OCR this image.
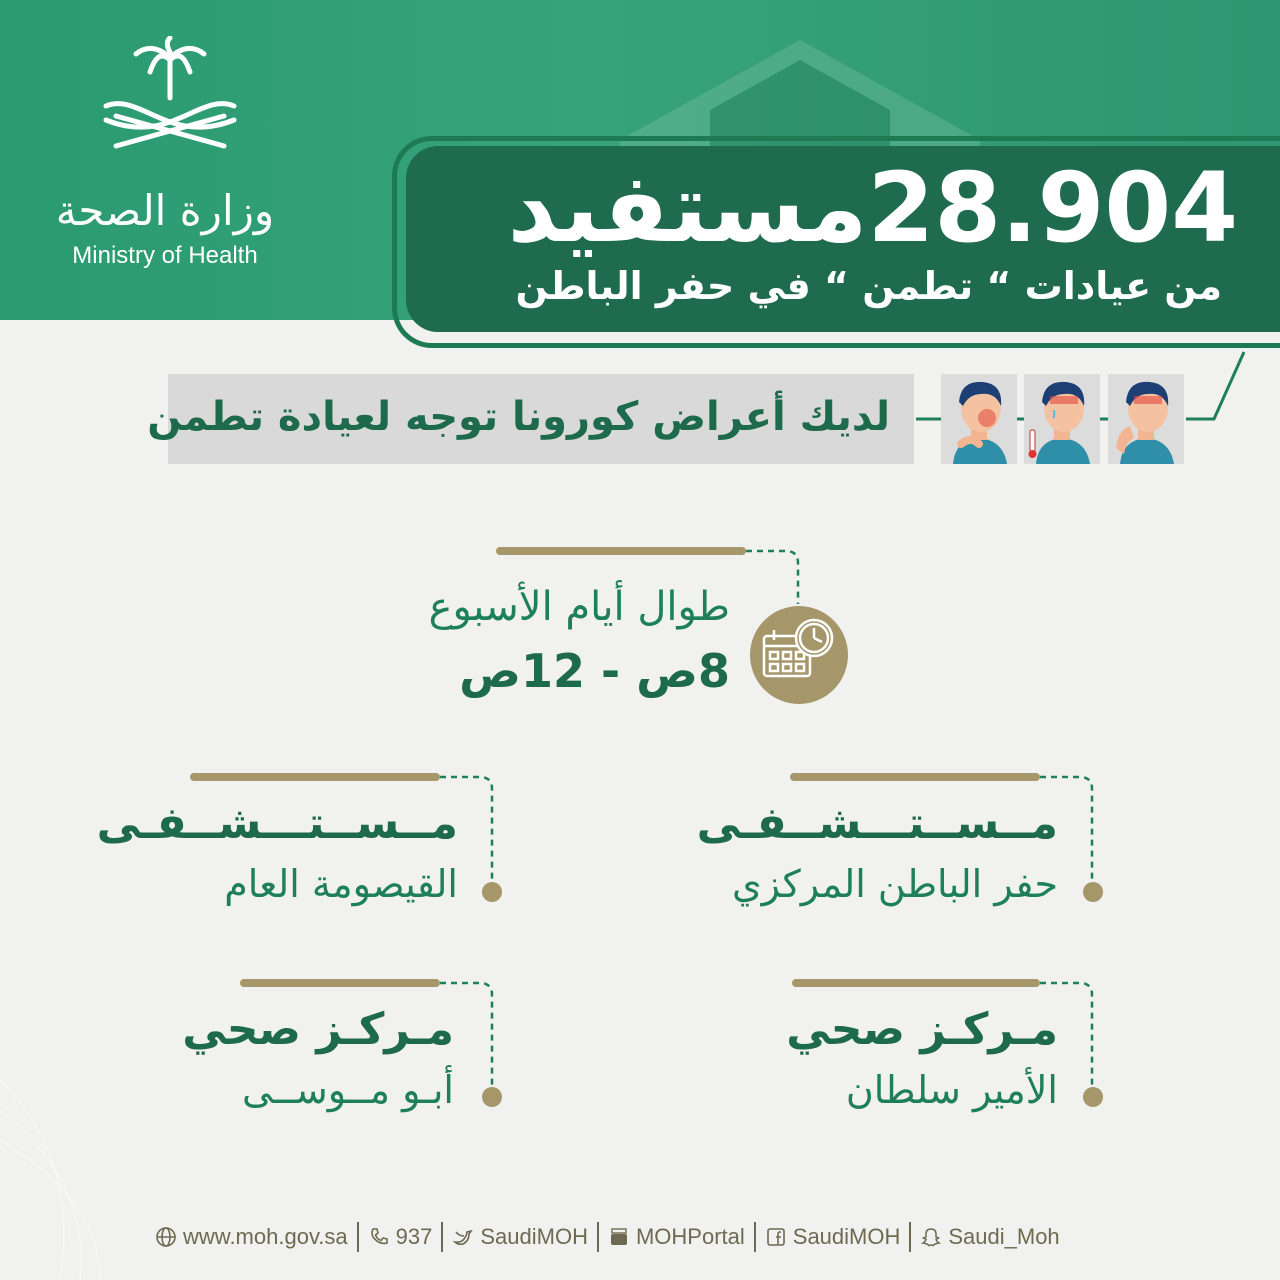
وزارة الصحة
Ministry of Health	28.904مستفيد
من عيادات “ تطمن “ في حفر الباطن
لديك أعراض كورونا توجه لعيادة تطمن
طوال أيام الأسبوع
8ص - 12ص
مــســتـــشــفـى
حفر الباطن المركزي
مــســتـــشــفـى
القيصومة العام
مـركـز صحي
الأمير سلطان
مـركـز صحي
أبـو مــوســى
www.moh.gov.sa 937 SaudiMOH MOHPortal SaudiMOH Saudi_Moh
